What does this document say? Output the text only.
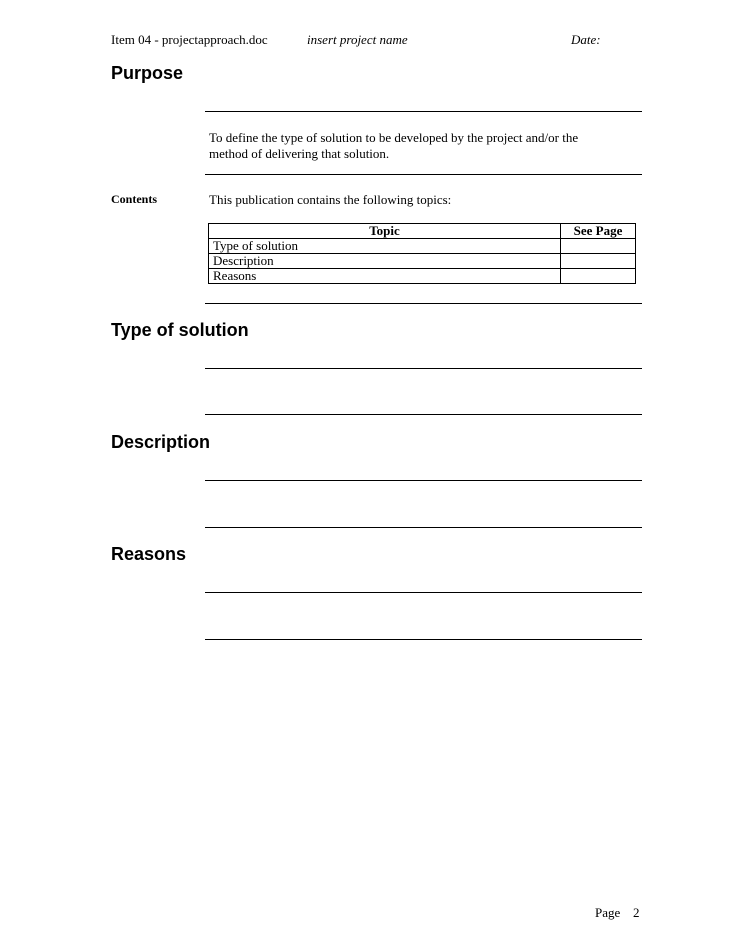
Item 04 - projectapproach.doc	insert project name	Date:
Purpose
To define the type of solution to be developed by the project and/or the
method of delivering that solution.
Contents	This publication contains the following topics:
Topic	See Page
Type of solution	
Description	
Reasons	
Type of solution
Description
Reasons
Page 2
